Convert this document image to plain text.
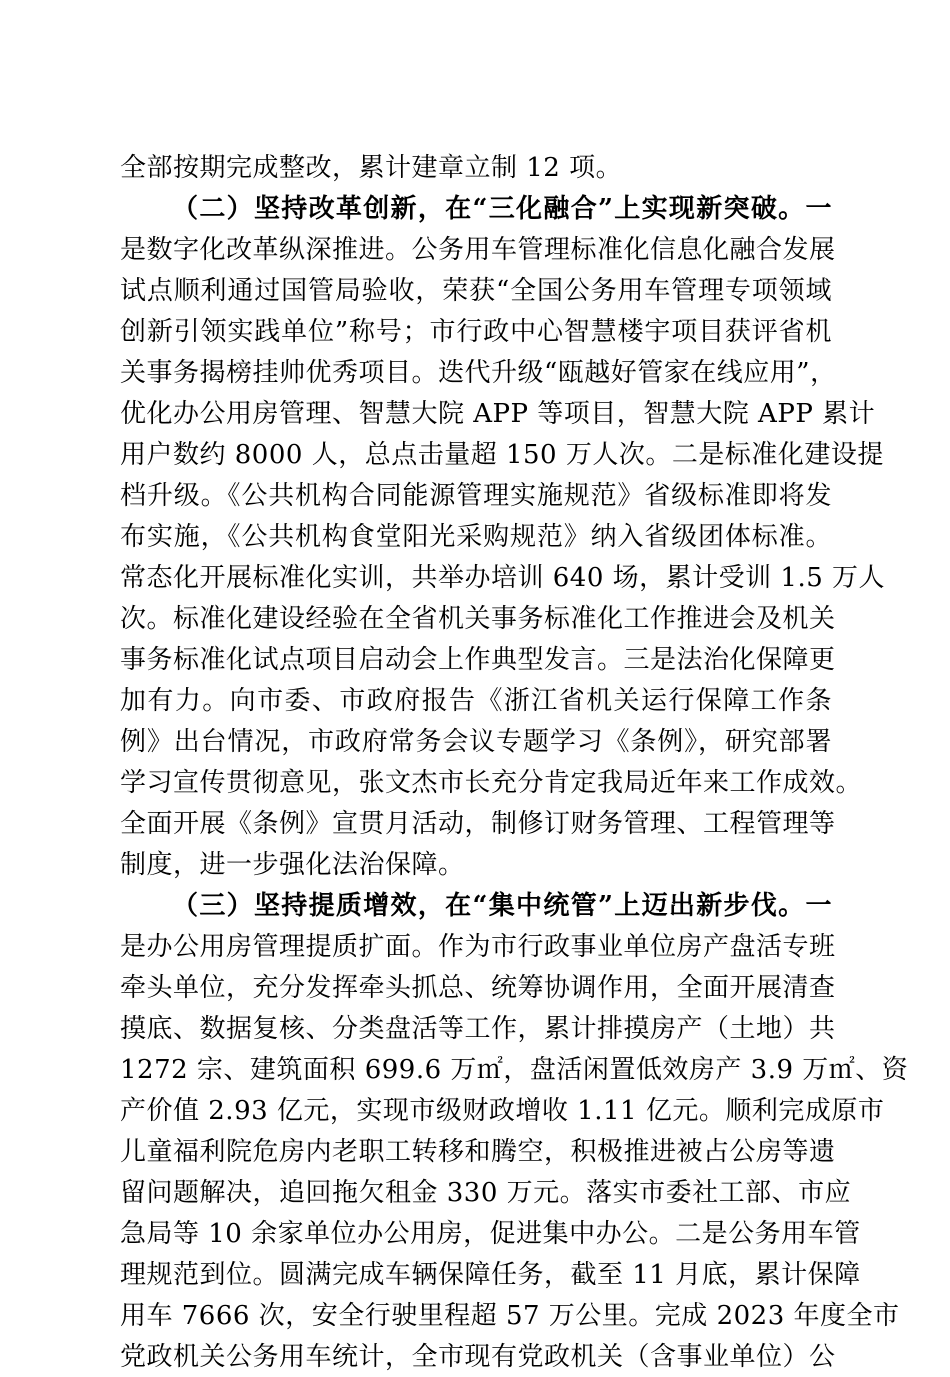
全部按期完成整改，累计建章立制 12 项。
（二）坚持改革创新，在“三化融合”上实现新突破。一
是数字化改革纵深推进。公务用车管理标准化信息化融合发展
试点顺利通过国管局验收，荣获“全国公务用车管理专项领域
创新引领实践单位”称号；市行政中心智慧楼宇项目获评省机
关事务揭榜挂帅优秀项目。迭代升级“瓯越好管家在线应用”，
优化办公用房管理、智慧大院 APP 等项目，智慧大院 APP 累计
用户数约 8000 人，总点击量超 150 万人次。二是标准化建设提
档升级。《公共机构合同能源管理实施规范》省级标准即将发
布实施，《公共机构食堂阳光采购规范》纳入省级团体标准。
常态化开展标准化实训，共举办培训 640 场，累计受训 1.5 万人
次。标准化建设经验在全省机关事务标准化工作推进会及机关
事务标准化试点项目启动会上作典型发言。三是法治化保障更
加有力。向市委、市政府报告《浙江省机关运行保障工作条
例》出台情况，市政府常务会议专题学习《条例》，研究部署
学习宣传贯彻意见，张文杰市长充分肯定我局近年来工作成效。
全面开展《条例》宣贯月活动，制修订财务管理、工程管理等
制度，进一步强化法治保障。
（三）坚持提质增效，在“集中统管”上迈出新步伐。一
是办公用房管理提质扩面。作为市行政事业单位房产盘活专班
牵头单位，充分发挥牵头抓总、统筹协调作用，全面开展清查
摸底、数据复核、分类盘活等工作，累计排摸房产（土地）共
1272 宗、建筑面积 699.6 万㎡，盘活闲置低效房产 3.9 万㎡、资
产价值 2.93 亿元，实现市级财政增收 1.11 亿元。顺利完成原市
儿童福利院危房内老职工转移和腾空，积极推进被占公房等遗
留问题解决，追回拖欠租金 330 万元。落实市委社工部、市应
急局等 10 余家单位办公用房，促进集中办公。二是公务用车管
理规范到位。圆满完成车辆保障任务，截至 11 月底，累计保障
用车 7666 次，安全行驶里程超 57 万公里。完成 2023 年度全市
党政机关公务用车统计，全市现有党政机关（含事业单位）公
